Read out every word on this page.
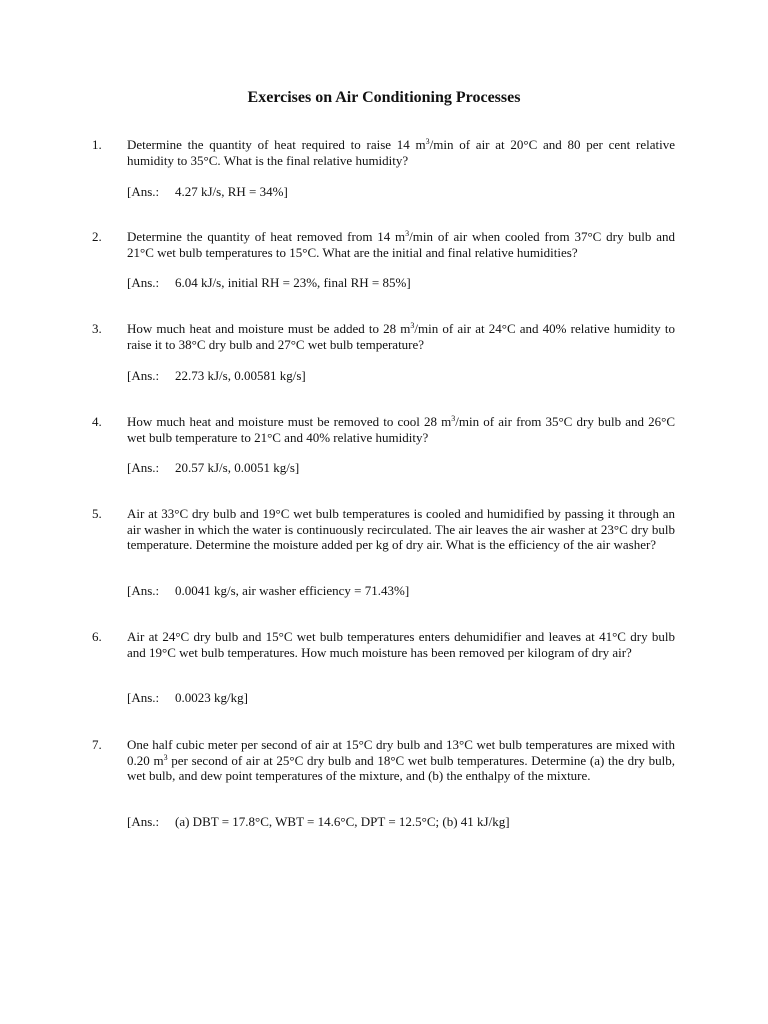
Exercises on Air Conditioning Processes
1. Determine the quantity of heat required to raise 14 $m^3/\min$ of air at 20°C and 80 per cent relative humidity to 35°C. What is the final relative humidity?
[Ans.: 4.27 kJ/s, RH = 34%]
2. Determine the quantity of heat removed from 14 $m^3/\min$ of air when cooled from 37°C dry bulb and 21°C wet bulb temperatures to 15°C. What are the initial and final relative humidities?
[Ans.: 6.04 kJ/s, initial RH = 23%, final RH = 85%]
3. How much heat and moisture must be added to 28 $m^3/\min$ of air at 24°C and 40% relative humidity to raise it to 38°C dry bulb and 27°C wet bulb temperature?
[Ans.: 22.73 kJ/s, 0.00581 kg/s]
4. How much heat and moisture must be removed to cool 28 $m^3/\min$ of air from 35°C dry bulb and 26°C wet bulb temperature to 21°C and 40% relative humidity?
[Ans.: 20.57 kJ/s, 0.0051 kg/s]
5. Air at 33°C dry bulb and 19°C wet bulb temperatures is cooled and humidified by passing it through an air washer in which the water is continuously recirculated. The air leaves the air washer at 23°C dry bulb temperature. Determine the moisture added per kg of dry air. What is the efficiency of the air washer?
[Ans.: 0.0041 kg/s, air washer efficiency = 71.43%]
6. Air at 24°C dry bulb and 15°C wet bulb temperatures enters dehumidifier and leaves at 41°C dry bulb and 19°C wet bulb temperatures. How much moisture has been removed per kilogram of dry air?
[Ans.: 0.0023 kg/kg]
7. One half cubic meter per second of air at 15°C dry bulb and 13°C wet bulb temperatures are mixed with 0.20 $m^3$ per second of air at 25°C dry bulb and 18°C wet bulb temperatures. Determine (a) the dry bulb, wet bulb, and dew point temperatures of the mixture, and (b) the enthalpy of the mixture.
[Ans.: (a) DBT = 17.8°C, WBT = 14.6°C, DPT = 12.5°C; (b) 41 kJ/kg]
